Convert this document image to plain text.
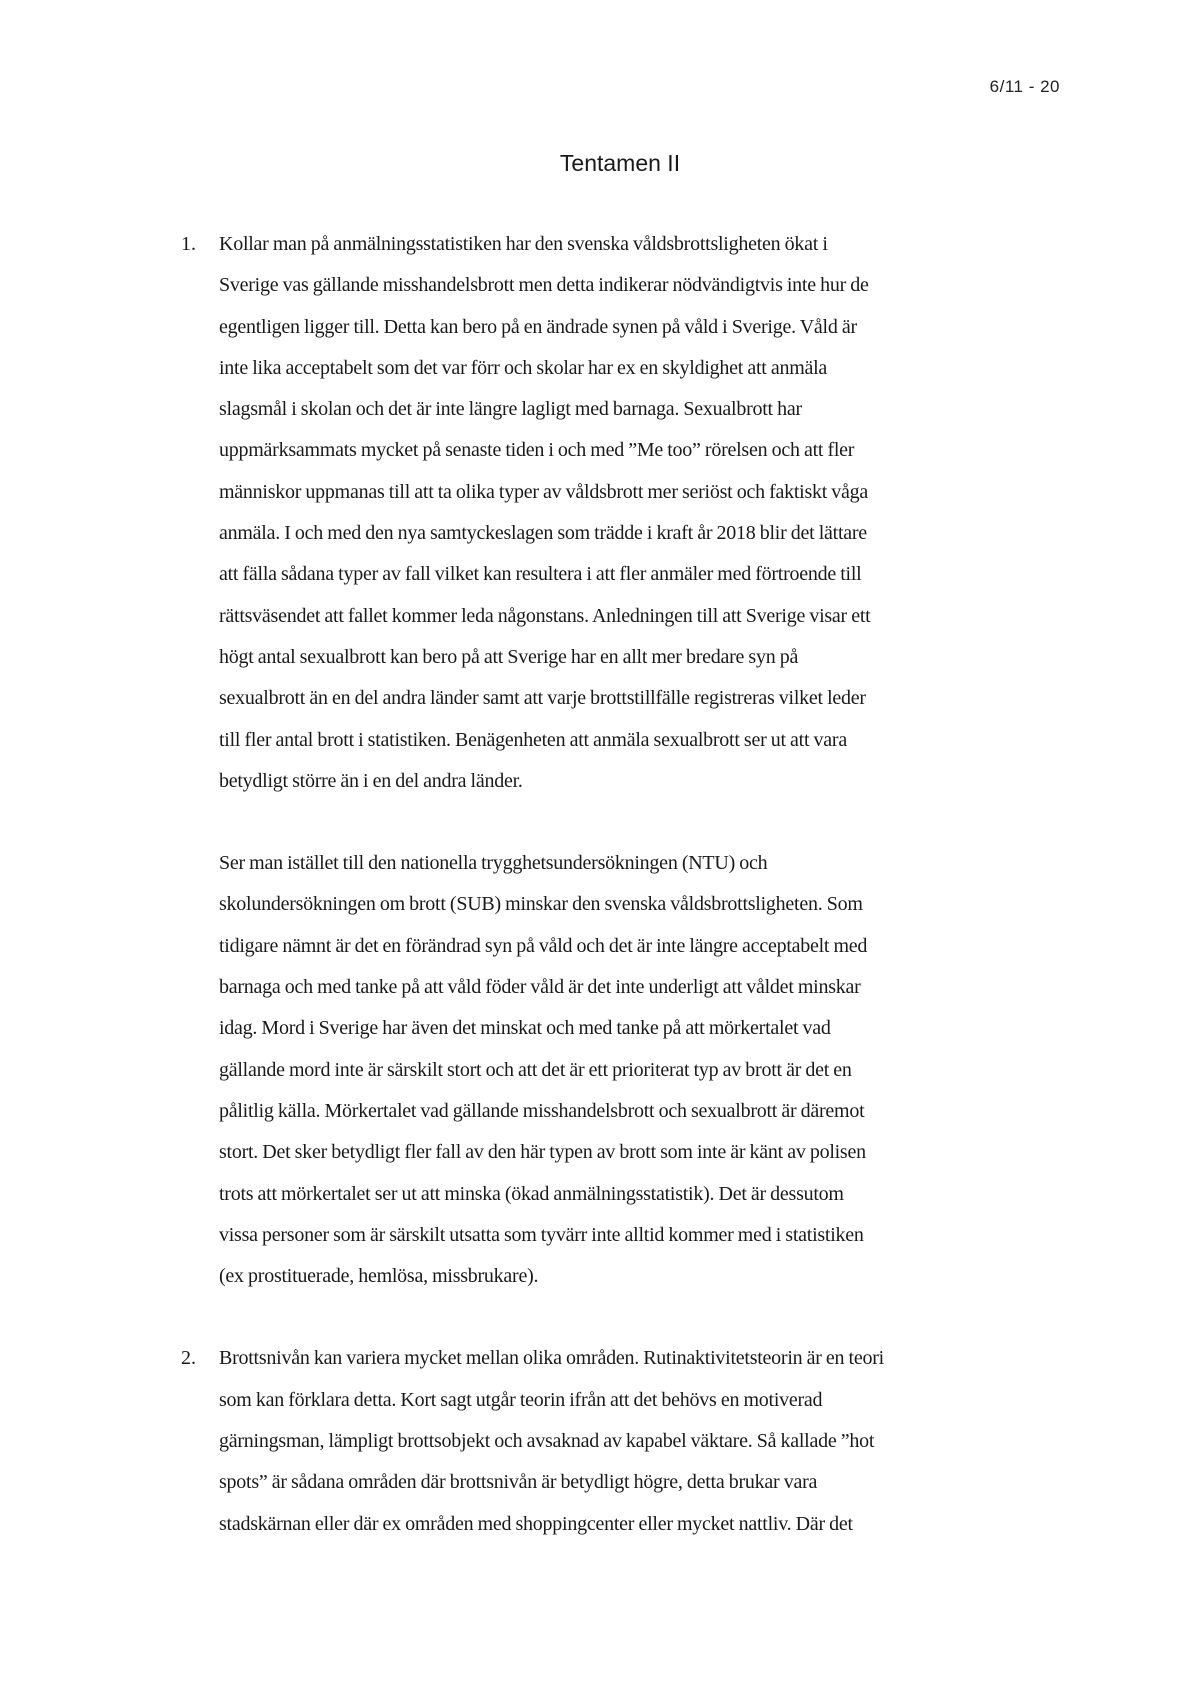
6/11 - 20
Tentamen II
1. Kollar man på anmälningsstatistiken har den svenska våldsbrottsligheten ökat i
Sverige vas gällande misshandelsbrott men detta indikerar nödvändigtvis inte hur de
egentligen ligger till. Detta kan bero på en ändrade synen på våld i Sverige. Våld är
inte lika acceptabelt som det var förr och skolar har ex en skyldighet att anmäla
slagsmål i skolan och det är inte längre lagligt med barnaga. Sexualbrott har
uppmärksammats mycket på senaste tiden i och med ”Me too” rörelsen och att fler
människor uppmanas till att ta olika typer av våldsbrott mer seriöst och faktiskt våga
anmäla. I och med den nya samtyckeslagen som trädde i kraft år 2018 blir det lättare
att fälla sådana typer av fall vilket kan resultera i att fler anmäler med förtroende till
rättsväsendet att fallet kommer leda någonstans. Anledningen till att Sverige visar ett
högt antal sexualbrott kan bero på att Sverige har en allt mer bredare syn på
sexualbrott än en del andra länder samt att varje brottstillfälle registreras vilket leder
till fler antal brott i statistiken. Benägenheten att anmäla sexualbrott ser ut att vara
betydligt större än i en del andra länder.

Ser man istället till den nationella trygghetsundersökningen (NTU) och
skolundersökningen om brott (SUB) minskar den svenska våldsbrottsligheten. Som
tidigare nämnt är det en förändrad syn på våld och det är inte längre acceptabelt med
barnaga och med tanke på att våld föder våld är det inte underligt att våldet minskar
idag. Mord i Sverige har även det minskat och med tanke på att mörkertalet vad
gällande mord inte är särskilt stort och att det är ett prioriterat typ av brott är det en
pålitlig källa. Mörkertalet vad gällande misshandelsbrott och sexualbrott är däremot
stort. Det sker betydligt fler fall av den här typen av brott som inte är känt av polisen
trots att mörkertalet ser ut att minska (ökad anmälningsstatistik). Det är dessutom
vissa personer som är särskilt utsatta som tyvärr inte alltid kommer med i statistiken
(ex prostituerade, hemlösa, missbrukare).

2. Brottsnivån kan variera mycket mellan olika områden. Rutinaktivitetsteorin är en teori
som kan förklara detta. Kort sagt utgår teorin ifrån att det behövs en motiverad
gärningsman, lämpligt brottsobjekt och avsaknad av kapabel väktare. Så kallade ”hot
spots” är sådana områden där brottsnivån är betydligt högre, detta brukar vara
stadskärnan eller där ex områden med shoppingcenter eller mycket nattliv. Där det
